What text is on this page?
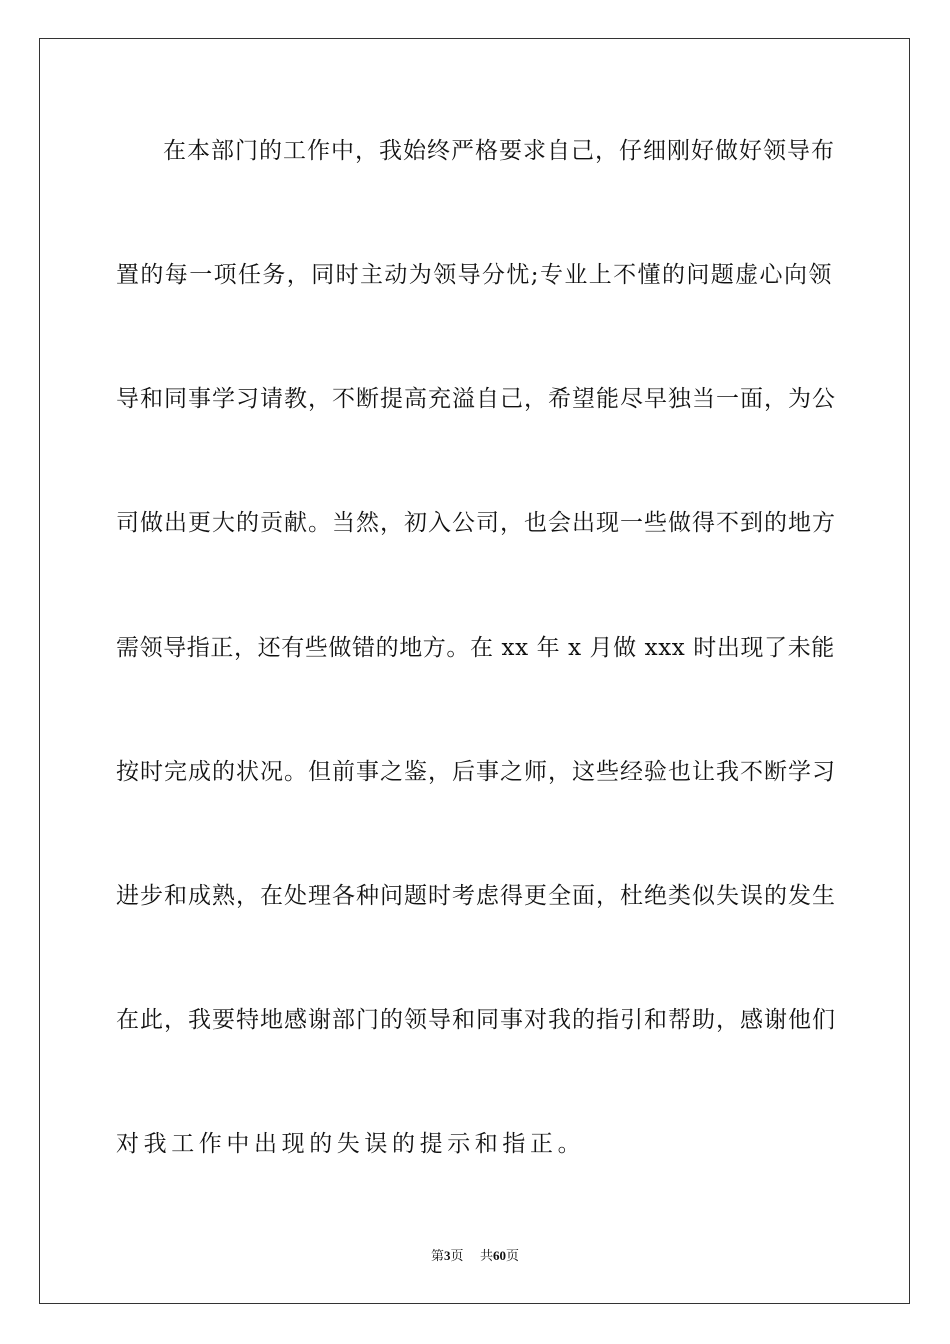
在本部门的工作中，我始终严格要求自己，仔细刚好做好领导布
置的每一项任务，同时主动为领导分忧;专业上不懂的问题虚心向领
导和同事学习请教，不断提高充溢自己，希望能尽早独当一面，为公
司做出更大的贡献。当然，初入公司，也会出现一些做得不到的地方
需领导指正，还有些做错的地方。在 xx 年 x 月做 xxx 时出现了未能
按时完成的状况。但前事之鉴，后事之师，这些经验也让我不断学习
进步和成熟，在处理各种问题时考虑得更全面，杜绝类似失误的发生
在此，我要特地感谢部门的领导和同事对我的指引和帮助，感谢他们
对我工作中出现的失误的提示和指正。
第3页 共60页
